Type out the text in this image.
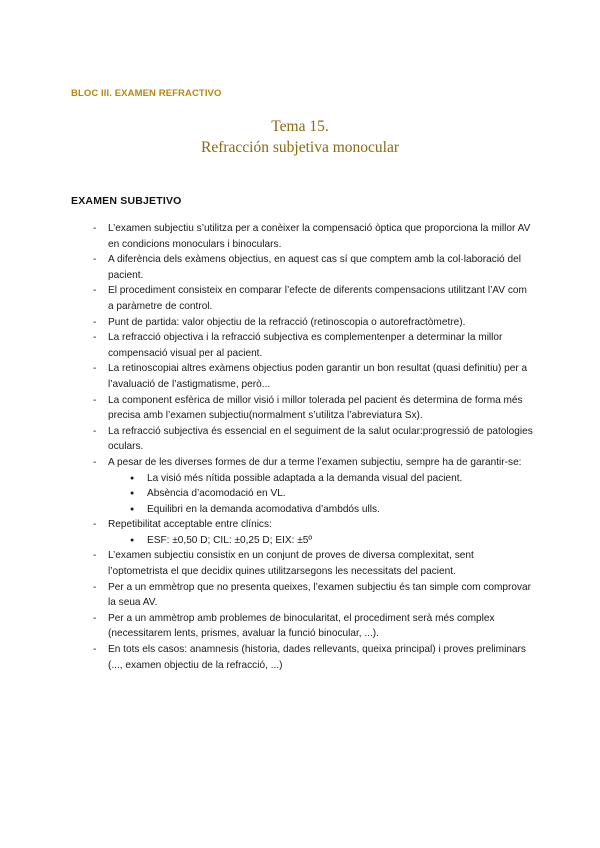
BLOC III. EXAMEN REFRACTIVO
Tema 15.
Refracción subjetiva monocular
EXAMEN SUBJETIVO
- L’examen subjectiu s’utilitza per a conèixer la compensació òptica que proporciona la millor AV en condicions monoculars i binoculars.
- A diferència dels exàmens objectius, en aquest cas sí que comptem amb la col·laboració del pacient.
- El procediment consisteix en comparar l’efecte de diferents compensacions utilitzant l’AV com a paràmetre de control.
- Punt de partida: valor objectiu de la refracció (retinoscopia o autorefractòmetre).
- La refracció objectiva i la refracció subjectiva es complementenper a determinar la millor compensació visual per al pacient.
- La retinoscopiai altres exàmens objectius poden garantir un bon resultat (quasi definitiu) per a l’avaluació de l’astigmatisme, però...
- La component esfèrica de millor visió i millor tolerada pel pacient és determina de forma més precisa amb l’examen subjectiu(normalment s’utilitza l’abreviatura Sx).
- La refracció subjectiva és essencial en el seguiment de la salut ocular:progressió de patologies oculars.
- A pesar de les diverses formes de dur a terme l’examen subjectiu, sempre ha de garantir-se:
● La visió més nítida possible adaptada a la demanda visual del pacient.
● Absència d’acomodació en VL.
● Equilibri en la demanda acomodativa d’ambdós ulls.
- Repetibilitat acceptable entre clínics:
● ESF: ±0,50 D; CIL: ±0,25 D; EIX: ±5º
- L’examen subjectiu consistix en un conjunt de proves de diversa complexitat, sent l’optometrista el que decidix quines utilitzarsegons les necessitats del pacient.
- Per a un emmètrop que no presenta queixes, l’examen subjectiu és tan simple com comprovar la seua AV.
- Per a un ammètrop amb problemes de binocularitat, el procediment serà més complex (necessitarem lents, prismes, avaluar la funció binocular, ...).
- En tots els casos: anamnesis (historia, dades rellevants, queixa principal) i proves preliminars (..., examen objectiu de la refracció, ...)
